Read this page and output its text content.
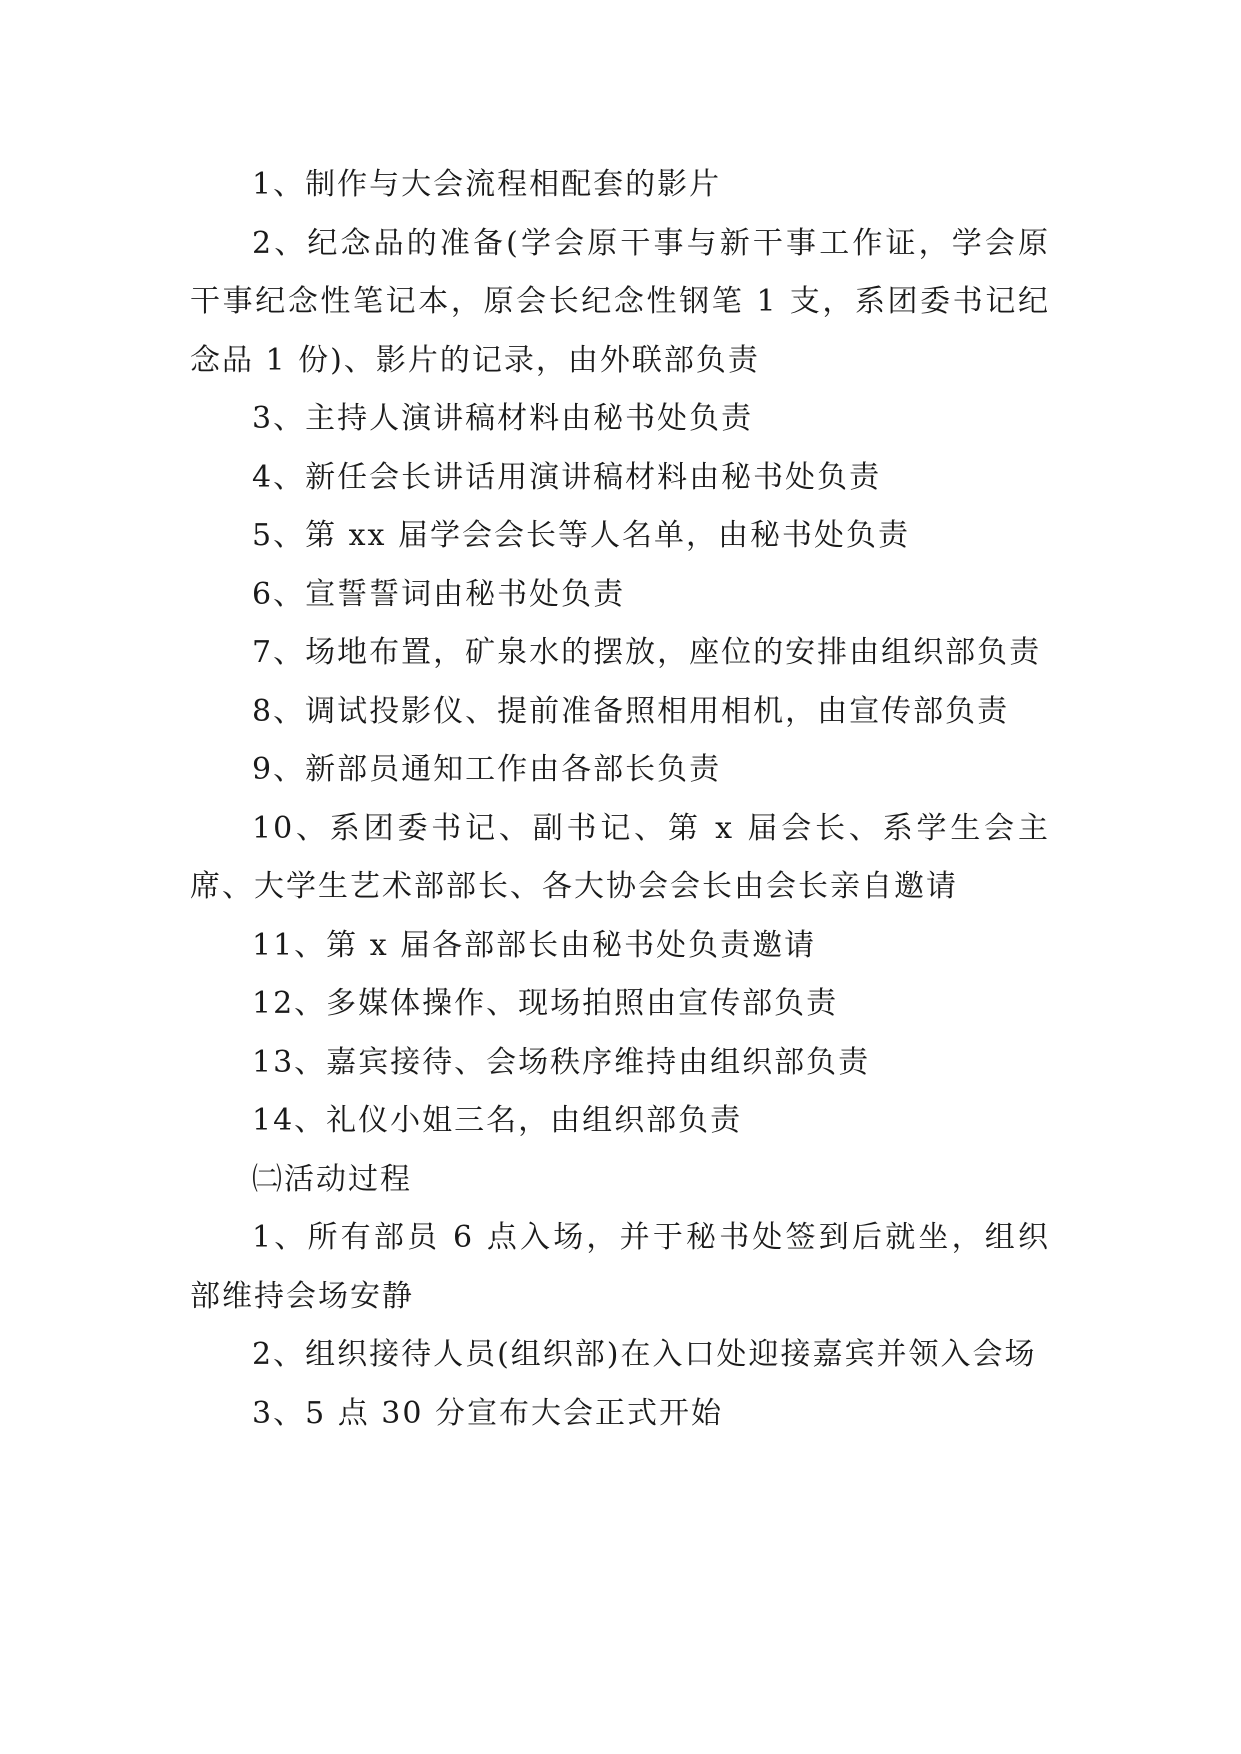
1、制作与大会流程相配套的影片

2、纪念品的准备(学会原干事与新干事工作证，学会原干事纪念性笔记本，原会长纪念性钢笔 1 支，系团委书记纪念品 1 份)、影片的记录，由外联部负责

3、主持人演讲稿材料由秘书处负责

4、新任会长讲话用演讲稿材料由秘书处负责

5、第 xx 届学会会长等人名单，由秘书处负责

6、宣誓誓词由秘书处负责

7、场地布置，矿泉水的摆放，座位的安排由组织部负责

8、调试投影仪、提前准备照相用相机，由宣传部负责

9、新部员通知工作由各部长负责

10、系团委书记、副书记、第 x 届会长、系学生会主席、大学生艺术部部长、各大协会会长由会长亲自邀请

11、第 x 届各部部长由秘书处负责邀请

12、多媒体操作、现场拍照由宣传部负责

13、嘉宾接待、会场秩序维持由组织部负责

14、礼仪小姐三名，由组织部负责

㈡活动过程

1、所有部员 6 点入场，并于秘书处签到后就坐，组织部维持会场安静

2、组织接待人员(组织部)在入口处迎接嘉宾并领入会场

3、5 点 30 分宣布大会正式开始
